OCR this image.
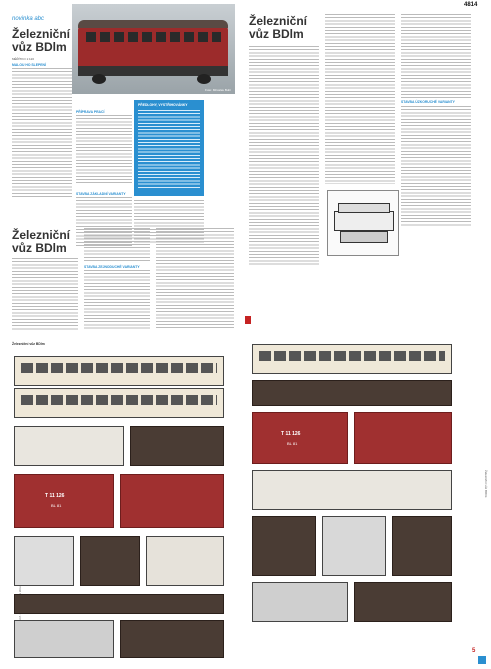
novinka abc
Železniční
vůz BDlm
MĚŘÍTKO 1:120
MALOU HO SLEPENÍ
Foto: Miroslav Bulír
PŘÍPRAVA PRACÍ
STAVBA ZÁKLADNÍ VARIANTY
PŘEDLOHY, VYSTŘIHOVÁNKY
Železniční
vůz BDlm
STAVBA ÚZKORUCHÉ VARIANTY
Železniční
vůz BDlm
STAVBA ZEJNODUCHÉ VARIANTY
Železniční vůz BDlm
T 11 126
BL 81
T 11 126
BL 81
Železniční vůz BDlm
5
4814
